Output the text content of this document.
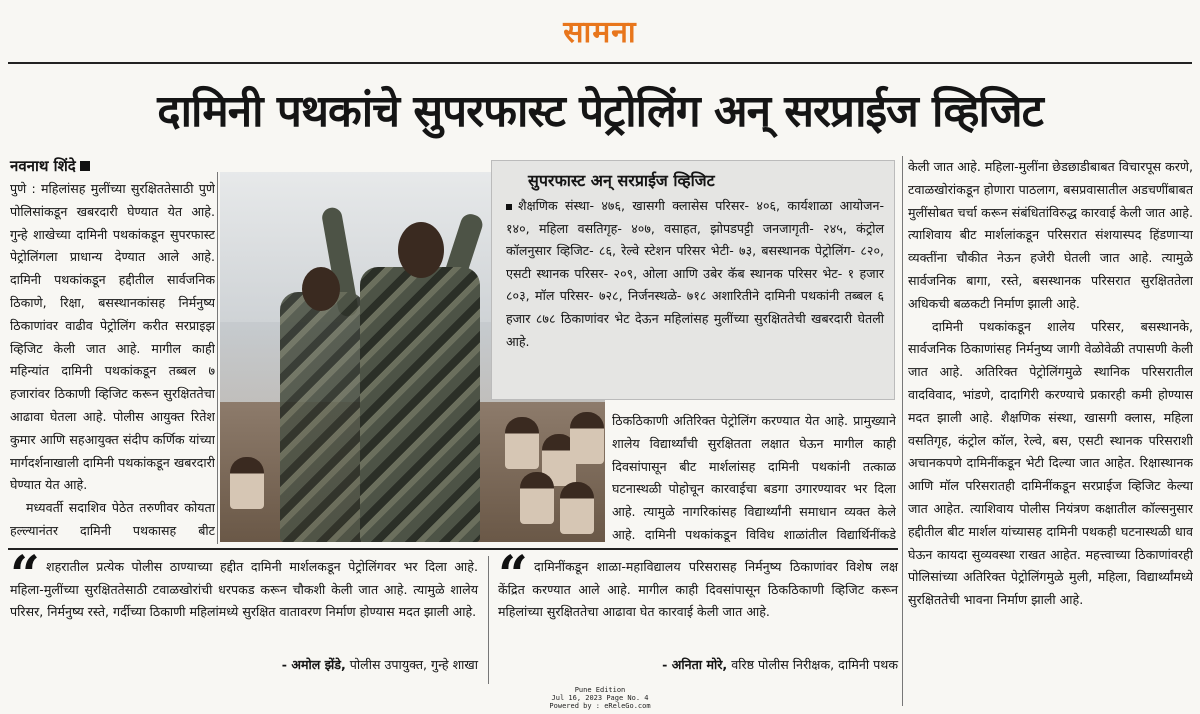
सामना
दामिनी पथकांचे सुपरफास्ट पेट्रोलिंग अन् सरप्राईज व्हिजिट
नवनाथ शिंदे

पुणे : महिलांसह मुलींच्या सुरक्षिततेसाठी पुणे पोलिसांकडून खबरदारी घेण्यात येत आहे. गुन्हे शाखेच्या दामिनी पथकांकडून सुपरफास्ट पेट्रोलिंगला प्राधान्य देण्यात आले आहे. दामिनी पथकांकडून हद्दीतील सार्वजनिक ठिकाणे, रिक्षा, बसस्थानकांसह निर्मनुष्य ठिकाणांवर वाढीव पेट्रोलिंग करीत सरप्राइझ व्हिजिट केली जात आहे. मागील काही महिन्यांत दामिनी पथकांकडून तब्बल ७ हजारांवर ठिकाणी व्हिजिट करून सुरक्षिततेचा आढावा घेतला आहे. पोलीस आयुक्त रितेश कुमार आणि सहआयुक्त संदीप कर्णिक यांच्या मार्गदर्शनाखाली दामिनी पथकांकडून खबरदारी घेण्यात येत आहे.

मध्यवर्ती सदाशिव पेठेत तरुणीवर कोयता हल्ल्यानंतर दामिनी पथकासह बीट

सुपरफास्ट अन् सरप्राईज व्हिजिट
शैक्षणिक संस्था- ४७६, खासगी क्लासेस परिसर- ४०६, कार्यशाळा आयोजन- १४०, महिला वसतिगृह- ४०७, वसाहत, झोपडपट्टी जनजागृती- २४५, कंट्रोल कॉलनुसार व्हिजिट- ८६, रेल्वे स्टेशन परिसर भेटी- ७३, बसस्थानक पेट्रोलिंग- ८२०, एसटी स्थानक परिसर- २०९, ओला आणि उबेर कॅब स्थानक परिसर भेट- १ हजार ८०३, मॉल परिसर- ७२८, निर्जनस्थळे- ७१८ अशारितीने दामिनी पथकांनी तब्बल ६ हजार ८७८ ठिकाणांवर भेट देऊन महिलांसह मुलींच्या सुरक्षिततेची खबरदारी घेतली आहे.

ठिकठिकाणी अतिरिक्त पेट्रोलिंग करण्यात येत आहे. प्रामुख्याने शालेय विद्यार्थ्यांची सुरक्षितता लक्षात घेऊन मागील काही दिवसांपासून बीट मार्शलांसह दामिनी पथकांनी तत्काळ घटनास्थळी पोहोचून कारवाईचा बडगा उगारण्यावर भर दिला आहे. त्यामुळे नागरिकांसह विद्यार्थ्यांनी समाधान व्यक्त केले आहे. दामिनी पथकांकडून विविध शाळांतील विद्यार्थिनींकडे

केली जात आहे. महिला-मुलींना छेडछाडीबाबत विचारपूस करणे, टवाळखोरांकडून होणारा पाठलाग, बसप्रवासातील अडचणींबाबत मुलींसोबत चर्चा करून संबंधितांविरुद्ध कारवाई केली जात आहे. त्याशिवाय बीट मार्शलांकडून परिसरात संशयास्पद हिंडणाऱ्या व्यक्तींना चौकीत नेऊन हजेरी घेतली जात आहे. त्यामुळे सार्वजनिक बागा, रस्ते, बसस्थानक परिसरात सुरक्षिततेला अधिकची बळकटी निर्माण झाली आहे.

दामिनी पथकांकडून शालेय परिसर, बसस्थानके, सार्वजनिक ठिकाणांसह निर्मनुष्य जागी वेळोवेळी तपासणी केली जात आहे. अतिरिक्त पेट्रोलिंगमुळे स्थानिक परिसरातील वादविवाद, भांडणे, दादागिरी करण्याचे प्रकारही कमी होण्यास मदत झाली आहे. शैक्षणिक संस्था, खासगी क्लास, महिला वसतिगृह, कंट्रोल कॉल, रेल्वे, बस, एसटी स्थानक परिसराशी अचानकपणे दामिनींकडून भेटी दिल्या जात आहेत. रिक्षास्थानक आणि मॉल परिसरातही दामिनींकडून सरप्राईज व्हिजिट केल्या जात आहेत. त्याशिवाय पोलीस नियंत्रण कक्षातील कॉल्सनुसार हद्दीतील बीट मार्शल यांच्यासह दामिनी पथकही घटनास्थळी धाव घेऊन कायदा सुव्यवस्था राखत आहेत. महत्त्वाच्या ठिकाणांवरही पोलिसांच्या अतिरिक्त पेट्रोलिंगमुळे मुली, महिला, विद्यार्थ्यांमध्ये सुरक्षिततेची भावना निर्माण झाली आहे.

“ शहरातील प्रत्येक पोलीस ठाण्याच्या हद्दीत दामिनी मार्शलकडून पेट्रोलिंगवर भर दिला आहे. महिला-मुलींच्या सुरक्षिततेसाठी टवाळखोरांची धरपकड करून चौकशी केली जात आहे. त्यामुळे शालेय परिसर, निर्मनुष्य रस्ते, गर्दीच्या ठिकाणी महिलांमध्ये सुरक्षित वातावरण निर्माण होण्यास मदत झाली आहे.

- अमोल झेंडे, पोलीस उपायुक्त, गुन्हे शाखा
“ दामिनींकडून शाळा-महाविद्यालय परिसरासह निर्मनुष्य ठिकाणांवर विशेष लक्ष केंद्रित करण्यात आले आहे. मागील काही दिवसांपासून ठिकठिकाणी व्हिजिट करून महिलांच्या सुरक्षिततेचा आढावा घेत कारवाई केली जात आहे.

- अनिता मोरे, वरिष्ठ पोलीस निरीक्षक, दामिनी पथक
Pune Edition
Jul 16, 2023 Page No. 4
Powered by : eReleGo.com
